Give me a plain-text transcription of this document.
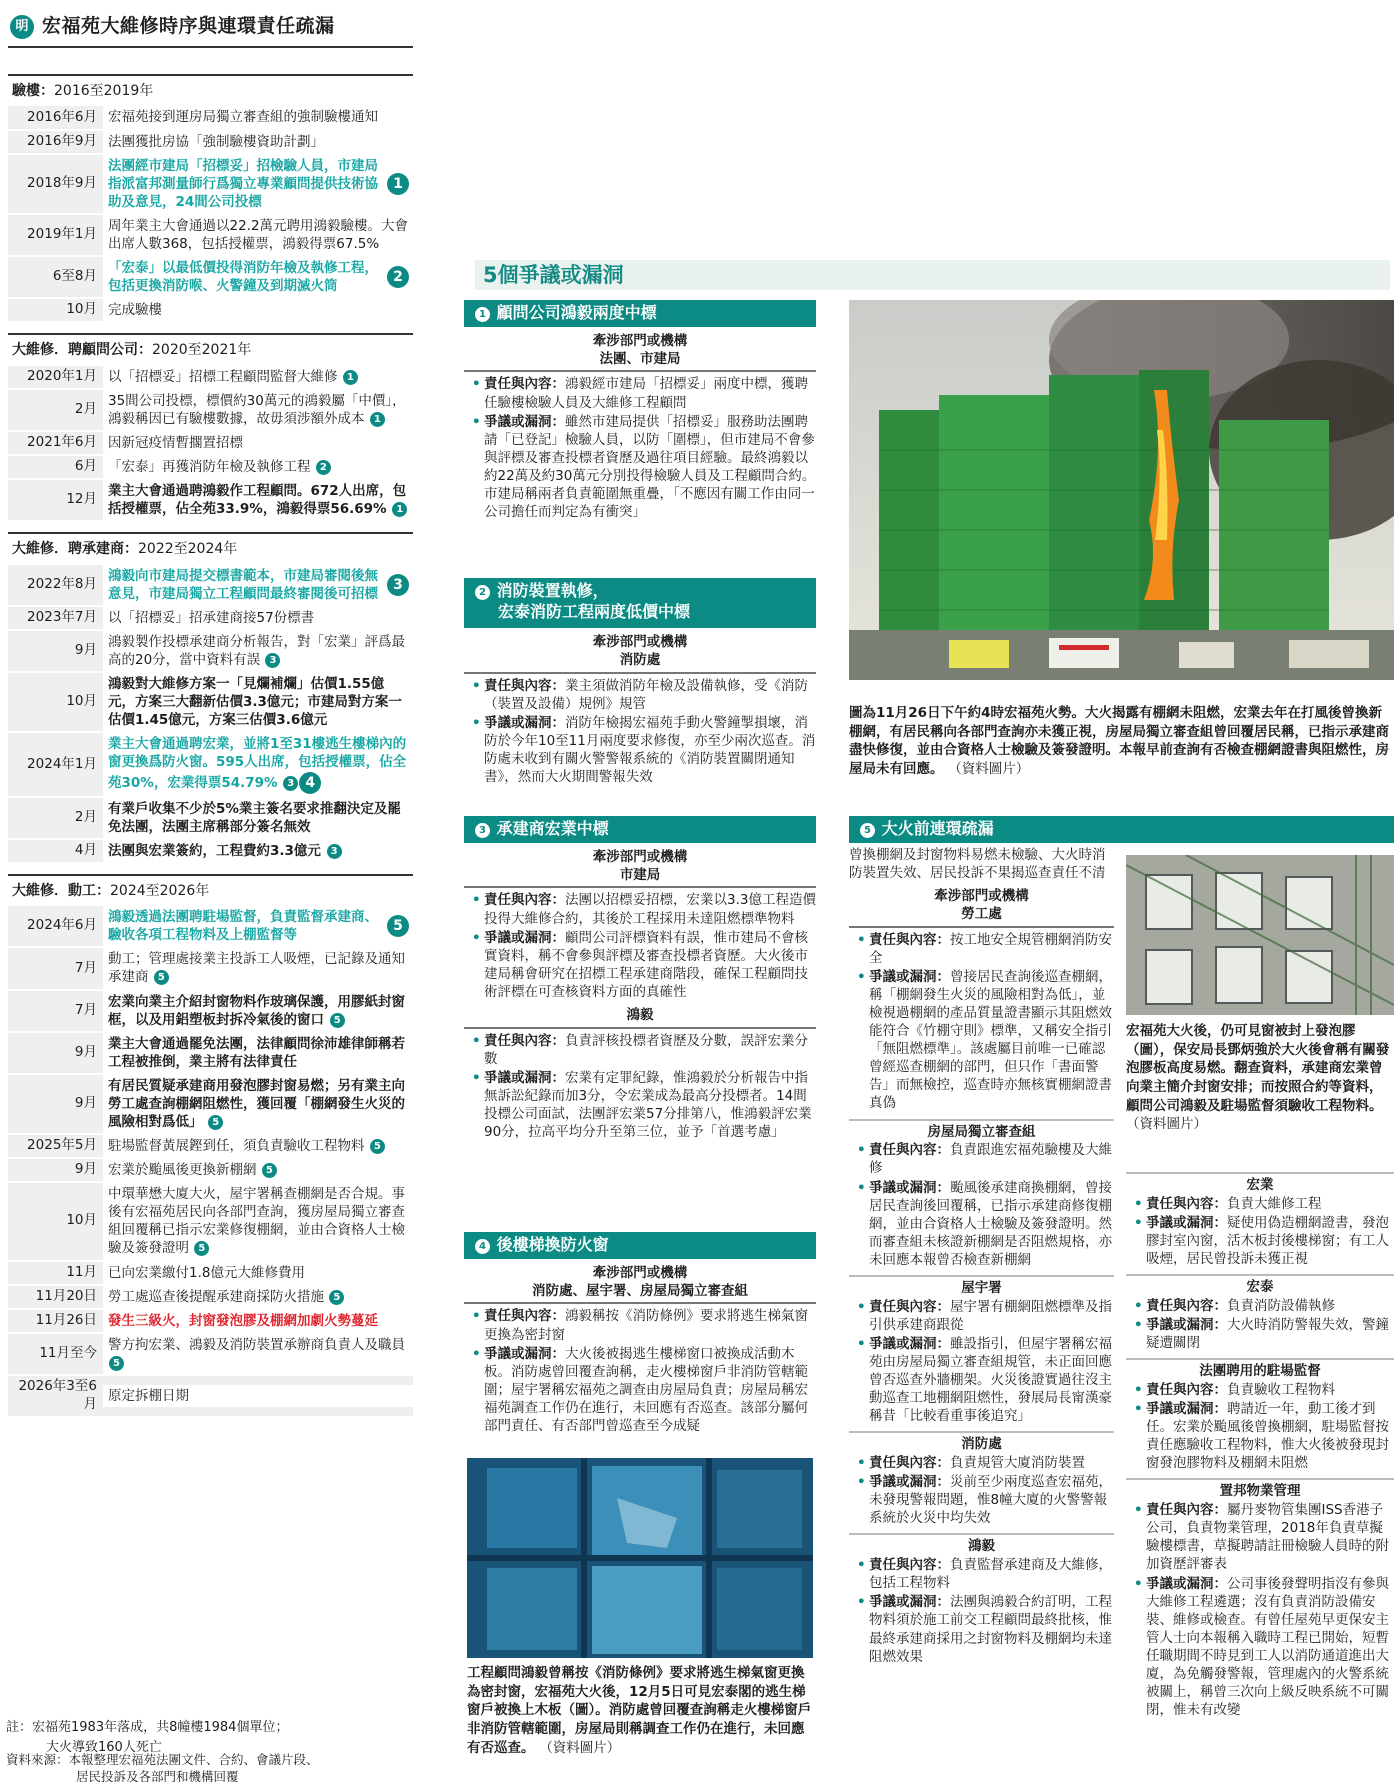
明 宏福苑大維修時序與連環責任疏漏
驗樓：2016至2019年
2016年6月 宏福苑接到運房局獨立審查組的強制驗樓通知
2016年9月 法團獲批房協「強制驗樓資助計劃」
2018年9月
法團經市建局「招標妥」招檢驗人員，市建局指派富邦測量師行爲獨立專業顧問提供技術協助及意見，24間公司投標
1
2019年1月
周年業主大會通過以22.2萬元聘用鴻毅驗樓。大會出席人數368，包括授權票，鴻毅得票67.5%
6至8月
「宏泰」以最低價投得消防年檢及執修工程，包括更換消防喉、火警鐘及到期滅火筒
2
10月 完成驗樓
大維修．聘顧問公司：2020至2021年
2020年1月 以「招標妥」招標工程顧問監督大維修 1
2月
35間公司投標，標價約30萬元的鴻毅屬「中價」，鴻毅稱因已有驗樓數據，故毋須涉額外成本 1
2021年6月 因新冠疫情暫擱置招標
6月 「宏泰」再獲消防年檢及執修工程 2
12月
業主大會通過聘鴻毅作工程顧問。672人出席，包括授權票，佔全苑33.9%，鴻毅得票56.69% 1
大維修．聘承建商：2022至2024年
2022年8月
鴻毅向市建局提交標書範本，市建局審閱後無意見，市建局獨立工程顧問最終審閱後可招標
3
2023年7月 以「招標妥」招承建商接57份標書
9月
鴻毅製作投標承建商分析報告，對「宏業」評爲最高的20分，當中資料有誤 3
10月
鴻毅對大維修方案一「見爛補爛」估價1.55億元，方案三大翻新估價3.3億元；市建局對方案一估價1.45億元，方案三估價3.6億元
2024年1月
業主大會通過聘宏業，並將1至31樓逃生樓梯內的窗更換爲防火窗。595人出席，包括授權票，佔全苑30%，宏業得票54.79% 3 4
2月
有業戶收集不少於5%業主簽名要求推翻決定及罷免法團，法團主席稱部分簽名無效
4月 法團與宏業簽約，工程費約3.3億元 3
大維修．動工：2024至2026年
2024年6月
鴻毅透過法團聘駐場監督，負責監督承建商、驗收各項工程物料及上棚監督等
5
7月
動工；管理處接業主投訴工人吸煙，已記錄及通知承建商 5
7月
宏業向業主介紹封窗物料作玻璃保護，用膠紙封窗框，以及用鋁塑板封拆冷氣後的窗口 5
9月
業主大會通過罷免法團，法律顧問徐沛雄律師稱若工程被推倒，業主將有法律責任
9月
有居民質疑承建商用發泡膠封窗易燃；另有業主向勞工處查詢棚網阻燃性，獲回覆「棚網發生火災的風險相對爲低」 5
2025年5月 駐場監督黃展鏗到任，須負責驗收工程物料 5
9月 宏業於颱風後更換新棚網 5
10月
中環華懋大廈大火，屋宇署稱查棚網是否合規。事後有宏福苑居民向各部門查詢，獲房屋局獨立審查組回覆稱已指示宏業修復棚網，並由合資格人士檢驗及簽發證明 5
11月 已向宏業繳付1.8億元大維修費用
11月20日 勞工處巡查後提醒承建商採防火措施 5
11月26日 發生三級火，封窗發泡膠及棚網加劇火勢蔓延
11月至今
警方拘宏業、鴻毅及消防裝置承辦商負責人及職員 5
2026年3至6月
原定拆棚日期
註：宏福苑1983年落成，共8幢樓1984個單位；
大火導致160人死亡
資料來源：本報整理宏福苑法團文件、合約、會議片段、
居民投訴及各部門和機構回覆
5個爭議或漏洞
1 顧問公司鴻毅兩度中標
牽涉部門或機構
法團、市建局
• 責任與內容：鴻毅經市建局「招標妥」兩度中標，獲聘任驗樓檢驗人員及大維修工程顧問
• 爭議或漏洞：雖然市建局提供「招標妥」服務助法團聘請「已登記」檢驗人員，以防「圍標」，但市建局不會參與評標及審查投標者資歷及過往項目經驗。最終鴻毅以約22萬及約30萬元分別投得檢驗人員及工程顧問合約。市建局稱兩者負責範圍無重疊，「不應因有關工作由同一公司擔任而判定為有衝突」
2 消防裝置執修，
宏泰消防工程兩度低價中標
牽涉部門或機構
消防處
• 責任與內容：業主須做消防年檢及設備執修，受《消防（裝置及設備）規例》規管
• 爭議或漏洞：消防年檢揭宏福苑手動火警鐘掣損壞，消防於今年10至11月兩度要求修復，亦至少兩次巡查。消防處未收到有關火警警報系統的《消防裝置關閉通知書》，然而大火期間警報失效
3 承建商宏業中標
牽涉部門或機構
市建局
• 責任與內容：法團以招標妥招標，宏業以3.3億工程造價投得大維修合約，其後於工程採用未達阻燃標準物料
• 爭議或漏洞：顧問公司評標資料有誤，惟市建局不會核實資料，稱不會參與評標及審查投標者資歷。大火後市建局稱會研究在招標工程承建商階段，確保工程顧問技術評標在可查核資料方面的真確性
鴻毅
• 責任與內容：負責評核投標者資歷及分數，誤評宏業分數
• 爭議或漏洞：宏業有定罪紀錄，惟鴻毅於分析報告中指無訴訟紀錄而加3分，令宏業成為最高分投標者。14間投標公司面試，法團評宏業57分排第八，惟鴻毅評宏業90分，拉高平均分升至第三位，並予「首選考慮」
4 後樓梯換防火窗
牽涉部門或機構
消防處、屋宇署、房屋局獨立審查組
• 責任與內容：鴻毅稱按《消防條例》要求將逃生梯氣窗更換為密封窗
• 爭議或漏洞：大火後被揭逃生樓梯窗口被換成活動木板。消防處曾回覆查詢稱，走火樓梯窗戶非消防管轄範圍；屋宇署稱宏福苑之調查由房屋局負責；房屋局稱宏福苑調查工作仍在進行，未回應有否巡查。該部分屬何部門責任、有否部門曾巡查至今成疑
工程顧問鴻毅曾稱按《消防條例》要求將逃生梯氣窗更換為密封窗，宏福苑大火後，12月5日可見宏泰閣的逃生梯窗戶被換上木板（圖）。消防處曾回覆查詢稱走火樓梯窗戶非消防管轄範圍，房屋局則稱調查工作仍在進行，未回應有否巡查。 （資料圖片）
圖為11月26日下午約4時宏福苑火勢。大火揭露有棚網未阻燃，宏業去年在打風後曾換新棚網，有居民稱向各部門查詢亦未獲正視，房屋局獨立審查組曾回覆居民稱，已指示承建商盡快修復，並由合資格人士檢驗及簽發證明。本報早前查詢有否檢查棚網證書與阻燃性，房屋局未有回應。 （資料圖片）
5 大火前連環疏漏
曾換棚網及封窗物料易燃未檢驗、大火時消防裝置失效、居民投訴不果揭巡查責任不清
牽涉部門或機構
勞工處
• 責任與內容：按工地安全規管棚網消防安全
• 爭議或漏洞：曾接居民查詢後巡查棚網，稱「棚網發生火災的風險相對為低」，並檢視過棚網的產品質量證書顯示其阻燃效能符合《竹棚守則》標準，又稱安全指引「無阻燃標準」。該處屬目前唯一已確認曾經巡查棚網的部門，但只作「書面警告」而無檢控，巡查時亦無核實棚網證書真偽
房屋局獨立審查組
• 責任與內容：負責跟進宏福苑驗樓及大維修
• 爭議或漏洞：颱風後承建商換棚網，曾接居民查詢後回覆稱，已指示承建商修復棚網，並由合資格人士檢驗及簽發證明。然而審查組未核證新棚網是否阻燃規格，亦未回應本報曾否檢查新棚網
屋宇署
• 責任與內容：屋宇署有棚網阻燃標準及指引供承建商跟從
• 爭議或漏洞：雖設指引，但屋宇署稱宏福苑由房屋局獨立審查組規管，未正面回應曾否巡查外牆棚架。火災後證實過往沒主動巡查工地棚網阻燃性，發展局長甯漢豪稱昔「比較看重事後追究」
消防處
• 責任與內容：負責規管大廈消防裝置
• 爭議或漏洞：災前至少兩度巡查宏福苑，未發現警報問題，惟8幢大廈的火警警報系統於火災中均失效
鴻毅
• 責任與內容：負責監督承建商及大維修，包括工程物料
• 爭議或漏洞：法團與鴻毅合約訂明，工程物料須於施工前交工程顧問最終批核，惟最終承建商採用之封窗物料及棚網均未達阻燃效果
宏福苑大火後，仍可見窗被封上發泡膠（圖），保安局長鄧炳強於大火後會稱有關發泡膠板高度易燃。翻查資料，承建商宏業曾向業主簡介封窗安排；而按照合約等資料，顧問公司鴻毅及駐場監督須驗收工程物料。 （資料圖片）
宏業
• 責任與內容：負責大維修工程
• 爭議或漏洞：疑使用偽造棚網證書，發泡膠封室內窗，活木板封後樓梯窗；有工人吸煙，居民曾投訴未獲正視
宏泰
• 責任與內容：負責消防設備執修
• 爭議或漏洞：大火時消防警報失效，警鐘疑遭關閉
法團聘用的駐場監督
• 責任與內容：負責驗收工程物料
• 爭議或漏洞：聘請近一年，動工後才到任。宏業於颱風後曾換棚網，駐場監督按責任應驗收工程物料，惟大火後被發現封窗發泡膠物料及棚網未阻燃
置邦物業管理
• 責任與內容：屬丹麥物管集團ISS香港子公司，負責物業管理，2018年負責草擬驗樓標書，草擬聘請註冊檢驗人員時的附加資歷評審表
• 爭議或漏洞：公司事後發聲明指沒有參與大維修工程遴選；沒有負責消防設備安裝、維修或檢查。有曾任屋苑早更保安主管人士向本報稱入職時工程已開始，短暫任職期間不時見到工人以消防通道進出大廈，為免觸發警報，管理處內的火警系統被關上，稱曾三次向上級反映系統不可關閉，惟未有改變
